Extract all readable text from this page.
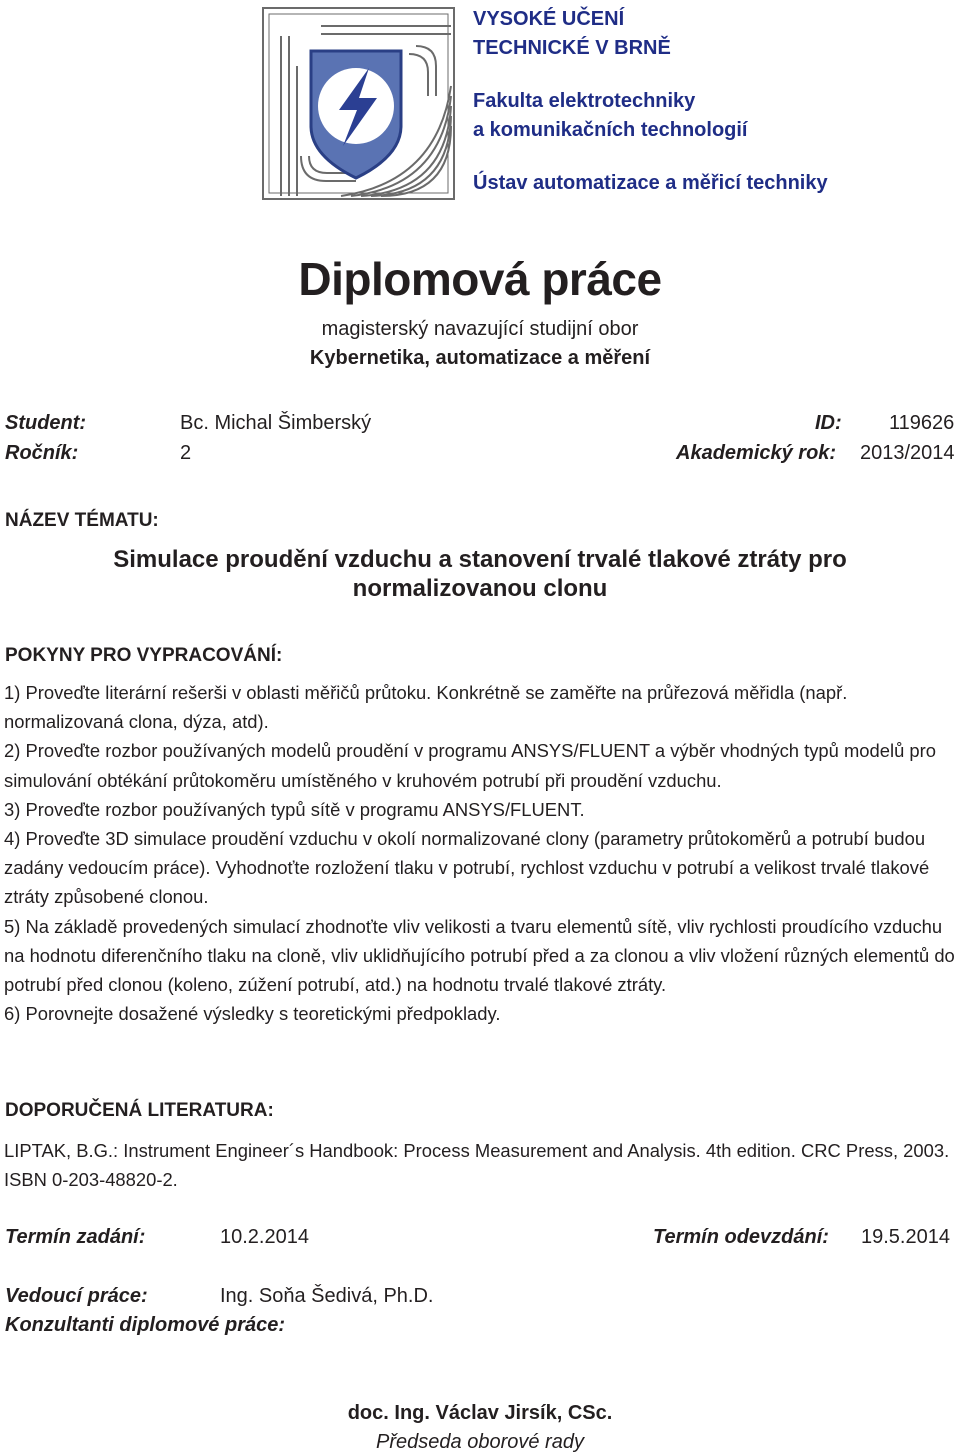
VYSOKÉ UČENÍ
TECHNICKÉ V BRNĚ
Fakulta elektrotechniky
a komunikačních technologií
Ústav automatizace a měřicí techniky
Diplomová práce
magisterský navazující studijní obor
Kybernetika, automatizace a měření
Student:	Bc. Michal Šimberský	ID: 119626
Ročník:	2	Akademický rok: 2013/2014
NÁZEV TÉMATU:
Simulace proudění vzduchu a stanovení trvalé tlakové ztráty pro
normalizovanou clonu
POKYNY PRO VYPRACOVÁNÍ:

1) Proveďte literární rešerši v oblasti měřičů průtoku. Konkrétně se zaměřte na průřezová měřidla (např. normalizovaná clona, dýza, atd).

2) Proveďte rozbor používaných modelů proudění v programu ANSYS/FLUENT a výběr vhodných typů modelů pro simulování obtékání průtokoměru umístěného v kruhovém potrubí při proudění vzduchu.

3) Proveďte rozbor používaných typů sítě v programu ANSYS/FLUENT.

4) Proveďte 3D simulace proudění vzduchu v okolí normalizované clony (parametry průtokoměrů a potrubí budou zadány vedoucím práce). Vyhodnoťte rozložení tlaku v potrubí, rychlost vzduchu v potrubí a velikost trvalé tlakové ztráty způsobené clonou.

5) Na základě provedených simulací zhodnoťte vliv velikosti a tvaru elementů sítě, vliv rychlosti proudícího vzduchu na hodnotu diferenčního tlaku na cloně, vliv uklidňujícího potrubí před a za clonou a vliv vložení různých elementů do potrubí před clonou (koleno, zúžení potrubí, atd.) na hodnotu trvalé tlakové ztráty.

6) Porovnejte dosažené výsledky s teoretickými předpoklady.

DOPORUČENÁ LITERATURA:
LIPTAK, B.G.: Instrument Engineer´s Handbook: Process Measurement and Analysis. 4th edition. CRC Press, 2003. ISBN 0-203-48820-2.
Termín zadání:	10.2.2014	Termín odevzdání: 19.5.2014
Vedoucí práce:	Ing. Soňa Šedivá, Ph.D.
Konzultanti diplomové práce:
doc. Ing. Václav Jirsík, CSc.
Předseda oborové rady
